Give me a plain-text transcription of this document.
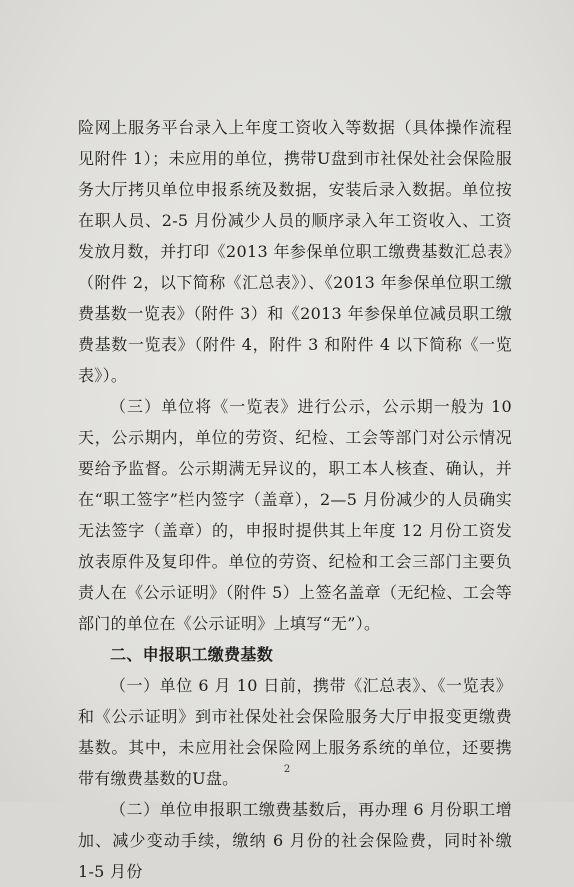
险网上服务平台录入上年度工资收入等数据（具体操作流程见附件 1）；未应用的单位，携带U盘到市社保处社会保险服务大厅拷贝单位申报系统及数据，安装后录入数据。单位按在职人员、2-5 月份减少人员的顺序录入年工资收入、工资发放月数，并打印《2013 年参保单位职工缴费基数汇总表》（附件 2，以下简称《汇总表》）、《2013 年参保单位职工缴费基数一览表》（附件 3）和《2013 年参保单位减员职工缴费基数一览表》（附件 4，附件 3 和附件 4 以下简称《一览表》）。

（三）单位将《一览表》进行公示，公示期一般为 10 天，公示期内，单位的劳资、纪检、工会等部门对公示情况要给予监督。公示期满无异议的，职工本人核查、确认，并在“职工签字”栏内签字（盖章），2—5 月份减少的人员确实无法签字（盖章）的，申报时提供其上年度 12 月份工资发放表原件及复印件。单位的劳资、纪检和工会三部门主要负责人在《公示证明》（附件 5）上签名盖章（无纪检、工会等部门的单位在《公示证明》上填写“无”）。

二、申报职工缴费基数

（一）单位 6 月 10 日前，携带《汇总表》、《一览表》和《公示证明》到市社保处社会保险服务大厅申报变更缴费基数。其中，未应用社会保险网上服务系统的单位，还要携带有缴费基数的U盘。

（二）单位申报职工缴费基数后，再办理 6 月份职工增加、减少变动手续，缴纳 6 月份的社会保险费，同时补缴 1-5 月份

2
